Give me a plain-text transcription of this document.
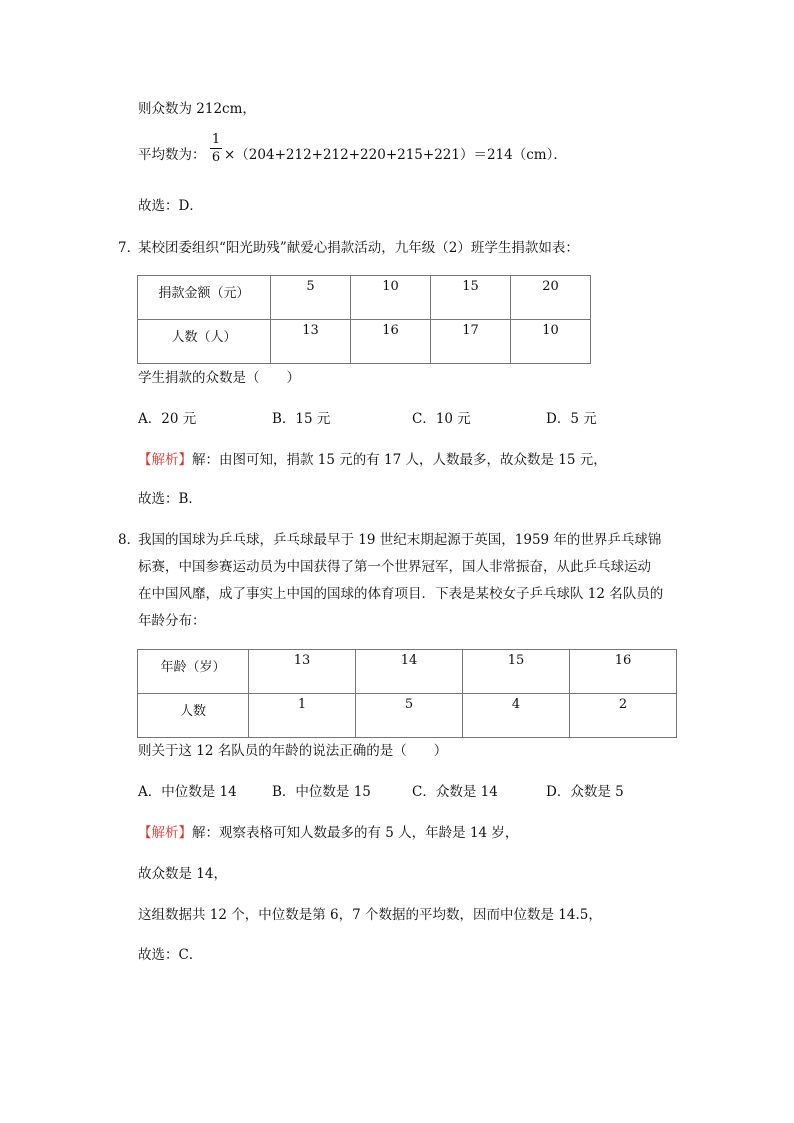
则众数为 212cm，
平均数为：
1
6 ×（204+212+212+220+215+221）＝214（cm）．
故选：D．
7．某校团委组织“阳光助残”献爱心捐款活动，九年级（2）班学生捐款如表：
捐款金额（元）	5	10	15	20

人数（人）	13	16	17	10
学生捐款的众数是（　　）
A．20 元	B．15 元	C．10 元	D．5 元
【解析】解：由图可知，捐款 15 元的有 17 人，人数最多，故众数是 15 元，
故选：B．
8．我国的国球为乒乓球，乒乓球最早于 19 世纪末期起源于英国，1959 年的世界乒乓球锦
标赛，中国参赛运动员为中国获得了第一个世界冠军，国人非常振奋，从此乒乓球运动
在中国风靡，成了事实上中国的国球的体育项目．下表是某校女子乒乓球队 12 名队员的
年龄分布：
年龄（岁）	13	14	15	16

人数	1	5	4	2
则关于这 12 名队员的年龄的说法正确的是（　　）
A．中位数是 14	B．中位数是 15	C．众数是 14	D．众数是 5
【解析】解：观察表格可知人数最多的有 5 人，年龄是 14 岁，
故众数是 14，
这组数据共 12 个，中位数是第 6，7 个数据的平均数，因而中位数是 14.5，
故选：C．
